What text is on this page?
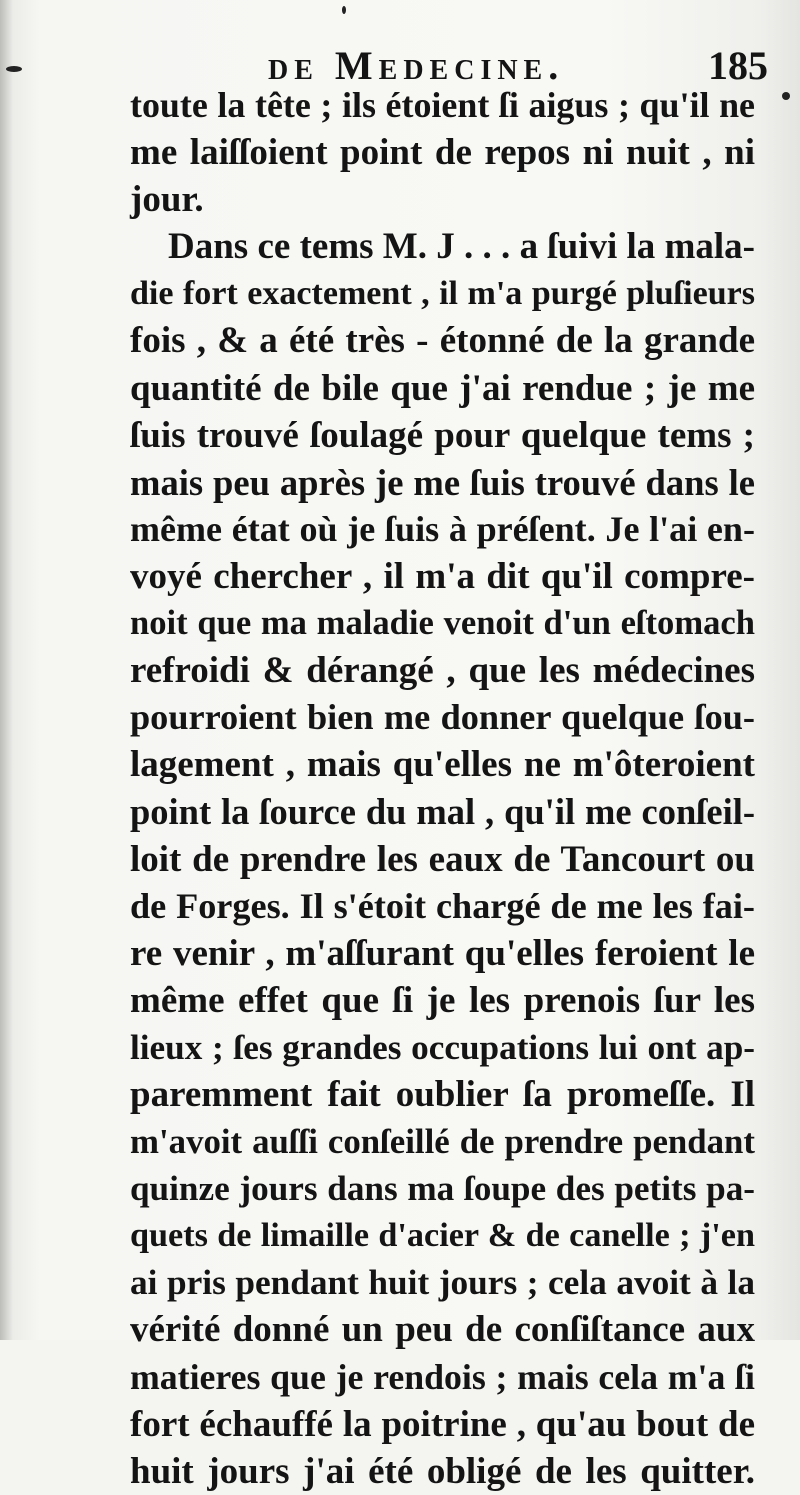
de Medecine.	185
toute la tête ; ils étoient ſi aigus ; qu'il ne
me laiſſoient point de repos ni nuit , ni
jour.
Dans ce tems M. J . . . a ſuivi la mala-
die fort exactement , il m'a purgé pluſieurs
fois , & a été très - étonné de la grande
quantité de bile que j'ai rendue ; je me
ſuis trouvé ſoulagé pour quelque tems ;
mais peu après je me ſuis trouvé dans le
même état où je ſuis à préſent. Je l'ai en-
voyé chercher , il m'a dit qu'il compre-
noit que ma maladie venoit d'un eſtomach
refroidi & dérangé , que les médecines
pourroient bien me donner quelque ſou-
lagement , mais qu'elles ne m'ôteroient
point la ſource du mal , qu'il me conſeil-
loit de prendre les eaux de Tancourt ou
de Forges. Il s'étoit chargé de me les fai-
re venir , m'aſſurant qu'elles feroient le
même effet que ſi je les prenois ſur les
lieux ; ſes grandes occupations lui ont ap-
paremment fait oublier ſa promeſſe. Il
m'avoit auſſi conſeillé de prendre pendant
quinze jours dans ma ſoupe des petits pa-
quets de limaille d'acier & de canelle ; j'en
ai pris pendant huit jours ; cela avoit à la
vérité donné un peu de conſiſtance aux
matieres que je rendois ; mais cela m'a ſi
fort échauffé la poitrine , qu'au bout de
huit jours j'ai été obligé de les quitter.
